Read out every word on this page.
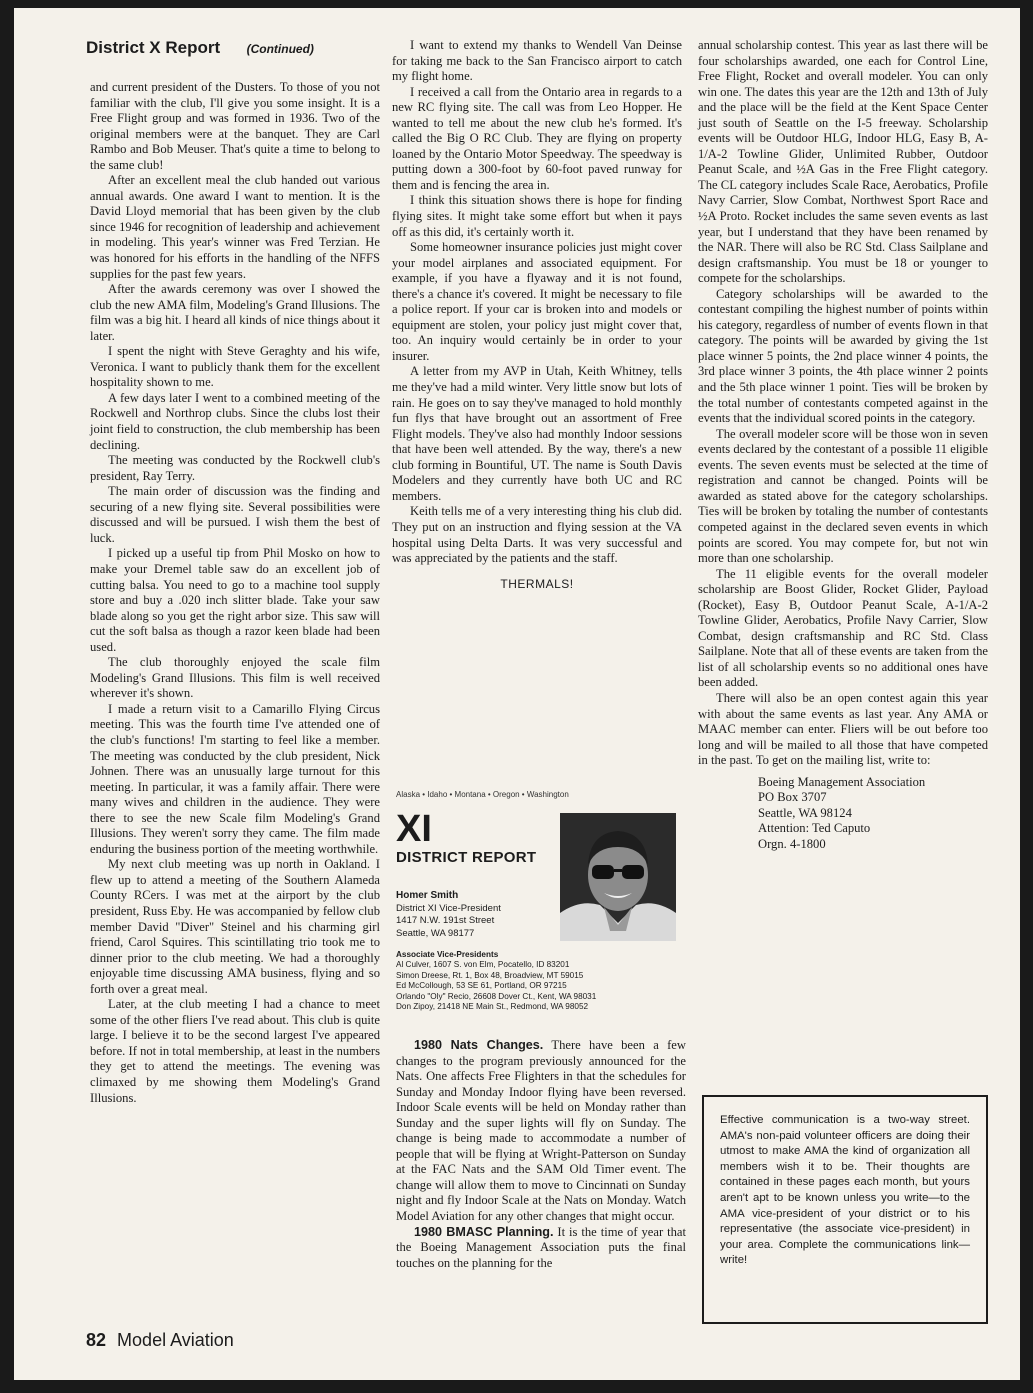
District X Report (Continued)

and current president of the Dusters. To those of you not familiar with the club, I'll give you some insight. It is a Free Flight group and was formed in 1936. Two of the original members were at the banquet. They are Carl Rambo and Bob Meuser. That's quite a time to belong to the same club!

After an excellent meal the club handed out various annual awards. One award I want to mention. It is the David Lloyd memorial that has been given by the club since 1946 for recognition of leadership and achievement in modeling. This year's winner was Fred Terzian. He was honored for his efforts in the handling of the NFFS supplies for the past few years.

After the awards ceremony was over I showed the club the new AMA film, Modeling's Grand Illusions. The film was a big hit. I heard all kinds of nice things about it later.

I spent the night with Steve Geraghty and his wife, Veronica. I want to publicly thank them for the excellent hospitality shown to me.

A few days later I went to a combined meeting of the Rockwell and Northrop clubs. Since the clubs lost their joint field to construction, the club membership has been declining.

The meeting was conducted by the Rockwell club's president, Ray Terry.

The main order of discussion was the finding and securing of a new flying site. Several possibilities were discussed and will be pursued. I wish them the best of luck.

I picked up a useful tip from Phil Mosko on how to make your Dremel table saw do an excellent job of cutting balsa. You need to go to a machine tool supply store and buy a .020 inch slitter blade. Take your saw blade along so you get the right arbor size. This saw will cut the soft balsa as though a razor keen blade had been used.

The club thoroughly enjoyed the scale film Modeling's Grand Illusions. This film is well received wherever it's shown.

I made a return visit to a Camarillo Flying Circus meeting. This was the fourth time I've attended one of the club's functions! I'm starting to feel like a member. The meeting was conducted by the club president, Nick Johnen. There was an unusually large turnout for this meeting. In particular, it was a family affair. There were many wives and children in the audience. They were there to see the new Scale film Modeling's Grand Illusions. They weren't sorry they came. The film made enduring the business portion of the meeting worthwhile.

My next club meeting was up north in Oakland. I flew up to attend a meeting of the Southern Alameda County RCers. I was met at the airport by the club president, Russ Eby. He was accompanied by fellow club member David "Diver" Steinel and his charming girl friend, Carol Squires. This scintillating trio took me to dinner prior to the club meeting. We had a thoroughly enjoyable time discussing AMA business, flying and so forth over a great meal.

Later, at the club meeting I had a chance to meet some of the other fliers I've read about. This club is quite large. I believe it to be the second largest I've appeared before. If not in total membership, at least in the numbers they get to attend the meetings. The evening was climaxed by me showing them Modeling's Grand Illusions.

I want to extend my thanks to Wendell Van Deinse for taking me back to the San Francisco airport to catch my flight home.

I received a call from the Ontario area in regards to a new RC flying site. The call was from Leo Hopper. He wanted to tell me about the new club he's formed. It's called the Big O RC Club. They are flying on property loaned by the Ontario Motor Speedway. The speedway is putting down a 300-foot by 60-foot paved runway for them and is fencing the area in.

I think this situation shows there is hope for finding flying sites. It might take some effort but when it pays off as this did, it's certainly worth it.

Some homeowner insurance policies just might cover your model airplanes and associated equipment. For example, if you have a flyaway and it is not found, there's a chance it's covered. It might be necessary to file a police report. If your car is broken into and models or equipment are stolen, your policy just might cover that, too. An inquiry would certainly be in order to your insurer.

A letter from my AVP in Utah, Keith Whitney, tells me they've had a mild winter. Very little snow but lots of rain. He goes on to say they've managed to hold monthly fun flys that have brought out an assortment of Free Flight models. They've also had monthly Indoor sessions that have been well attended. By the way, there's a new club forming in Bountiful, UT. The name is South Davis Modelers and they currently have both UC and RC members.

Keith tells me of a very interesting thing his club did. They put on an instruction and flying session at the VA hospital using Delta Darts. It was very successful and was appreciated by the patients and the staff.

THERMALS!
Alaska • Idaho • Montana • Oregon • Washington
XI
DISTRICT REPORT
Homer Smith
District XI Vice-President
1417 N.W. 191st Street
Seattle, WA 98177
Associate Vice-Presidents
Al Culver, 1607 S. von Elm, Pocatello, ID 83201
Simon Dreese, Rt. 1, Box 48, Broadview, MT 59015
Ed McCollough, 53 SE 61, Portland, OR 97215
Orlando "Oly" Recio, 26608 Dover Ct., Kent, WA 98031
Don Zipoy, 21418 NE Main St., Redmond, WA 98052

1980 Nats Changes. There have been a few changes to the program previously announced for the Nats. One affects Free Flighters in that the schedules for Sunday and Monday Indoor flying have been reversed. Indoor Scale events will be held on Monday rather than Sunday and the super lights will fly on Sunday. The change is being made to accommodate a number of people that will be flying at Wright-Patterson on Sunday at the FAC Nats and the SAM Old Timer event. The change will allow them to move to Cincinnati on Sunday night and fly Indoor Scale at the Nats on Monday. Watch Model Aviation for any other changes that might occur.

1980 BMASC Planning. It is the time of year that the Boeing Management Association puts the final touches on the planning for the

annual scholarship contest. This year as last there will be four scholarships awarded, one each for Control Line, Free Flight, Rocket and overall modeler. You can only win one. The dates this year are the 12th and 13th of July and the place will be the field at the Kent Space Center just south of Seattle on the I-5 freeway. Scholarship events will be Outdoor HLG, Indoor HLG, Easy B, A-1/A-2 Towline Glider, Unlimited Rubber, Outdoor Peanut Scale, and ½A Gas in the Free Flight category. The CL category includes Scale Race, Aerobatics, Profile Navy Carrier, Slow Combat, Northwest Sport Race and ½A Proto. Rocket includes the same seven events as last year, but I understand that they have been renamed by the NAR. There will also be RC Std. Class Sailplane and design craftsmanship. You must be 18 or younger to compete for the scholarships.

Category scholarships will be awarded to the contestant compiling the highest number of points within his category, regardless of number of events flown in that category. The points will be awarded by giving the 1st place winner 5 points, the 2nd place winner 4 points, the 3rd place winner 3 points, the 4th place winner 2 points and the 5th place winner 1 point. Ties will be broken by the total number of contestants competed against in the events that the individual scored points in the category.

The overall modeler score will be those won in seven events declared by the contestant of a possible 11 eligible events. The seven events must be selected at the time of registration and cannot be changed. Points will be awarded as stated above for the category scholarships. Ties will be broken by totaling the number of contestants competed against in the declared seven events in which points are scored. You may compete for, but not win more than one scholarship.

The 11 eligible events for the overall modeler scholarship are Boost Glider, Rocket Glider, Payload (Rocket), Easy B, Outdoor Peanut Scale, A-1/A-2 Towline Glider, Aerobatics, Profile Navy Carrier, Slow Combat, design craftsmanship and RC Std. Class Sailplane. Note that all of these events are taken from the list of all scholarship events so no additional ones have been added.

There will also be an open contest again this year with about the same events as last year. Any AMA or MAAC member can enter. Fliers will be out before too long and will be mailed to all those that have competed in the past. To get on the mailing list, write to:

Boeing Management Association
PO Box 3707
Seattle, WA 98124
Attention: Ted Caputo
Orgn. 4-1800
Effective communication is a two-way street. AMA's non-paid volunteer officers are doing their utmost to make AMA the kind of organization all members wish it to be. Their thoughts are contained in these pages each month, but yours aren't apt to be known unless you write—to the AMA vice-president of your district or to his representative (the associate vice-president) in your area. Complete the communications link—write!
82 Model Aviation
